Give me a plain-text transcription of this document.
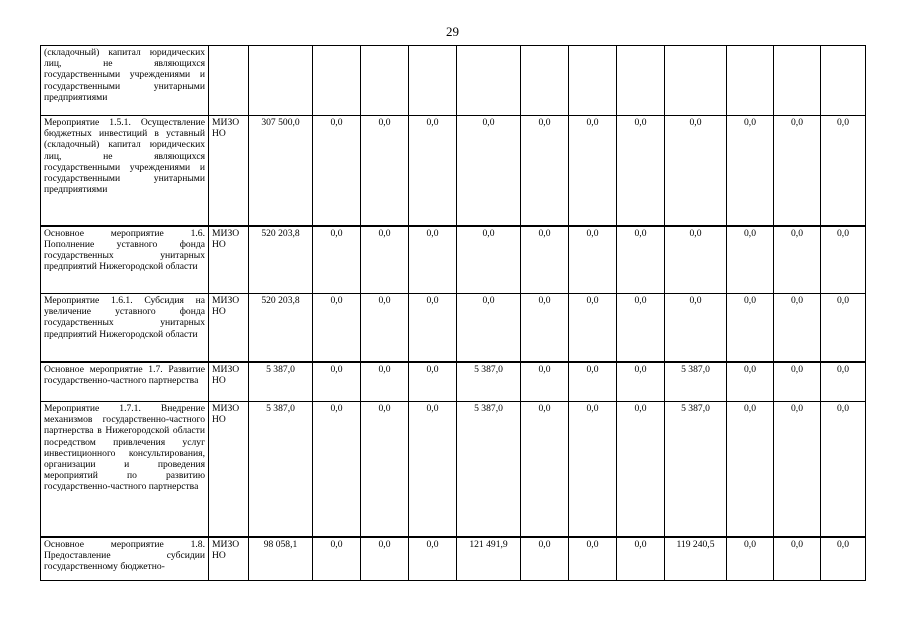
29
(складочный) капитал юридических лиц, не являющихся государственными учреждениями и государственными унитарными предприятиями													
Мероприятие 1.5.1. Осуществление бюджетных инвестиций в уставный (складочный) капитал юридических лиц, не являющихся государственными учреждениями и государственными унитарными предприятиями	МИЗО НО	307 500,0	0,0	0,0	0,0	0,0	0,0	0,0	0,0	0,0	0,0	0,0	0,0
Основное мероприятие 1.6. Пополнение уставного фонда государственных унитарных предприятий Нижегородской области	МИЗО НО	520 203,8	0,0	0,0	0,0	0,0	0,0	0,0	0,0	0,0	0,0	0,0	0,0
Мероприятие 1.6.1. Субсидия на увеличение уставного фонда государственных унитарных предприятий Нижегородской области	МИЗО НО	520 203,8	0,0	0,0	0,0	0,0	0,0	0,0	0,0	0,0	0,0	0,0	0,0
Основное мероприятие 1.7. Развитие государственно-частного партнерства	МИЗО НО	5 387,0	0,0	0,0	0,0	5 387,0	0,0	0,0	0,0	5 387,0	0,0	0,0	0,0
Мероприятие 1.7.1. Внедрение механизмов государственно-частного партнерства в Нижегородской области посредством привлечения услуг инвестиционного консультирования, организации и проведения мероприятий по развитию государственно-частного партнерства	МИЗО НО	5 387,0	0,0	0,0	0,0	5 387,0	0,0	0,0	0,0	5 387,0	0,0	0,0	0,0
Основное мероприятие 1.8. Предоставление субсидии государственному бюджетно-	МИЗО НО	98 058,1	0,0	0,0	0,0	121 491,9	0,0	0,0	0,0	119 240,5	0,0	0,0	0,0
